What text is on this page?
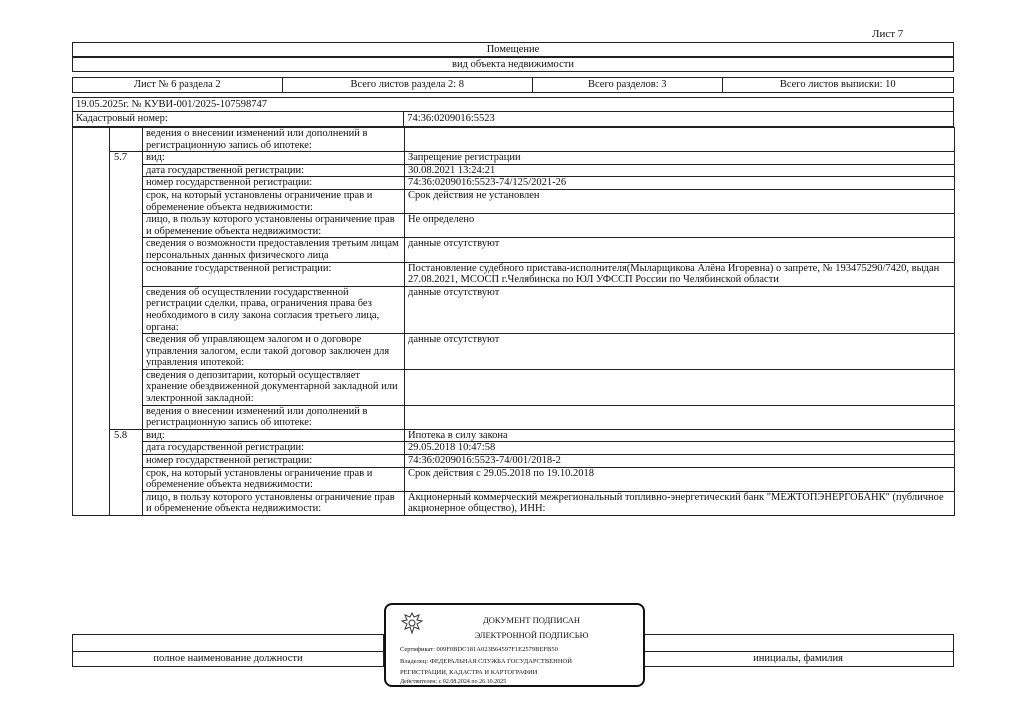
Лист 7
Помещение
вид объекта недвижимости
Лист № 6 раздела 2	Всего листов раздела 2: 8	Всего разделов: 3	Всего листов выписки: 10
19.05.2025г. № КУВИ-001/2025-107598747
Кадастровый номер:	74:36:0209016:5523
		ведения о внесении изменений или дополнений в регистрационную запись об ипотеке:	
	5.7	вид:	Запрещение регистрации
		дата государственной регистрации:	30.08.2021 13:24:21
		номер государственной регистрации:	74:36:0209016:5523-74/125/2021-26
		срок, на который установлены ограничение прав и обременение объекта недвижимости:	Срок действия не установлен
		лицо, в пользу которого установлены ограничение прав и обременение объекта недвижимости:	Не определено
		сведения о возможности предоставления третьим лицам персональных данных физического лица	данные отсутствуют
		основание государственной регистрации:	Постановление судебного пристава-исполнителя(Мыларщикова Алёна Игоревна) о запрете, № 193475290/7420, выдан 27.08.2021, МСОСП г.Челябинска по ЮЛ УФССП России по Челябинской области
		сведения об осуществлении государственной регистрации сделки, права, ограничения права без необходимого в силу закона согласия третьего лица, органа:	данные отсутствуют
		сведения об управляющем залогом и о договоре управления залогом, если такой договор заключен для управления ипотекой:	данные отсутствуют
		сведения о депозитарии, который осуществляет хранение обездвиженной документарной закладной или электронной закладной:	
		ведения о внесении изменений или дополнений в регистрационную запись об ипотеке:	
	5.8	вид:	Ипотека в силу закона
		дата государственной регистрации:	29.05.2018 10:47:58
		номер государственной регистрации:	74:36:0209016:5523-74/001/2018-2
		срок, на который установлены ограничение прав и обременение объекта недвижимости:	Срок действия с 29.05.2018 по 19.10.2018
		лицо, в пользу которого установлены ограничение прав и обременение объекта недвижимости:	Акционерный коммерческий межрегиональный топливно-энергетический банк "МЕЖТОПЭНЕРГОБАНК" (публичное акционерное общество), ИНН:
полное наименование должности	инициалы, фамилия
ДОКУМЕНТ ПОДПИСАН
ЭЛЕКТРОННОЙ ПОДПИСЬЮ
Сертификат: 009F0BDC181A023B64597F1E2579BEFB50
Владелец: ФЕДЕРАЛЬНАЯ СЛУЖБА ГОСУДАРСТВЕННОЙ
РЕГИСТРАЦИИ, КАДАСТРА И КАРТОГРАФИИ
Действителен: с 02.08.2024 по 26.10.2025
